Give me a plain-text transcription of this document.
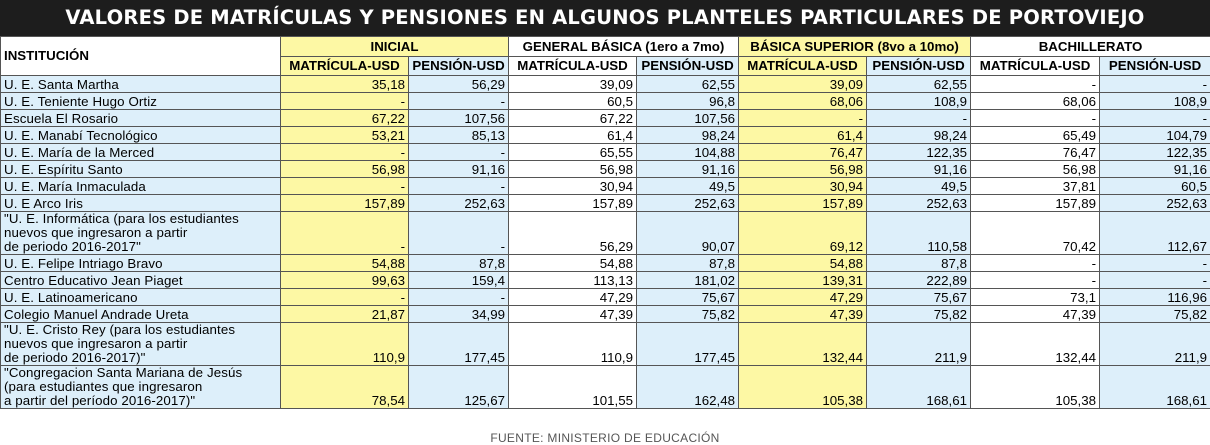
VALORES DE MATRÍCULAS Y PENSIONES EN ALGUNOS PLANTELES PARTICULARES DE PORTOVIEJO
INSTITUCIÓN	INICIAL		GENERAL BÁSICA (1ero a 7mo)		BÁSICA SUPERIOR (8vo a 10mo)		BACHILLERATO	
	MATRÍCULA-USD	PENSIÓN-USD	MATRÍCULA-USD	PENSIÓN-USD	MATRÍCULA-USD	PENSIÓN-USD	MATRÍCULA-USD	PENSIÓN-USD

U. E. Santa Martha	35,18	56,29	39,09	62,55	39,09	62,55	-	-

U. E. Teniente Hugo Ortiz	-	-	60,5	96,8	68,06	108,9	68,06	108,9

Escuela El Rosario	67,22	107,56	67,22	107,56	-	-	-	-

U. E. Manabí Tecnológico	53,21	85,13	61,4	98,24	61,4	98,24	65,49	104,79

U. E. María de la Merced	-	-	65,55	104,88	76,47	122,35	76,47	122,35

U. E. Espíritu Santo	56,98	91,16	56,98	91,16	56,98	91,16	56,98	91,16

U. E. María Inmaculada	-	-	30,94	49,5	30,94	49,5	37,81	60,5

U. E Arco Iris	157,89	252,63	157,89	252,63	157,89	252,63	157,89	252,63

"U. E. Informática (para los estudiantes
nuevos que ingresaron a partir
de periodo 2016-2017"	-	-	56,29	90,07	69,12	110,58	70,42	112,67

U. E. Felipe Intriago Bravo	54,88	87,8	54,88	87,8	54,88	87,8	-	-

Centro Educativo Jean Piaget	99,63	159,4	113,13	181,02	139,31	222,89	-	-

U. E. Latinoamericano	-	-	47,29	75,67	47,29	75,67	73,1	116,96

Colegio Manuel Andrade Ureta	21,87	34,99	47,39	75,82	47,39	75,82	47,39	75,82

"U. E. Cristo Rey (para los estudiantes
nuevos que ingresaron a partir
de periodo 2016-2017)"	110,9	177,45	110,9	177,45	132,44	211,9	132,44	211,9

"Congregacion Santa Mariana de Jesús
(para estudiantes que ingresaron
a partir del período 2016-2017)"	78,54	125,67	101,55	162,48	105,38	168,61	105,38	168,61
FUENTE: MINISTERIO DE EDUCACIÓN
